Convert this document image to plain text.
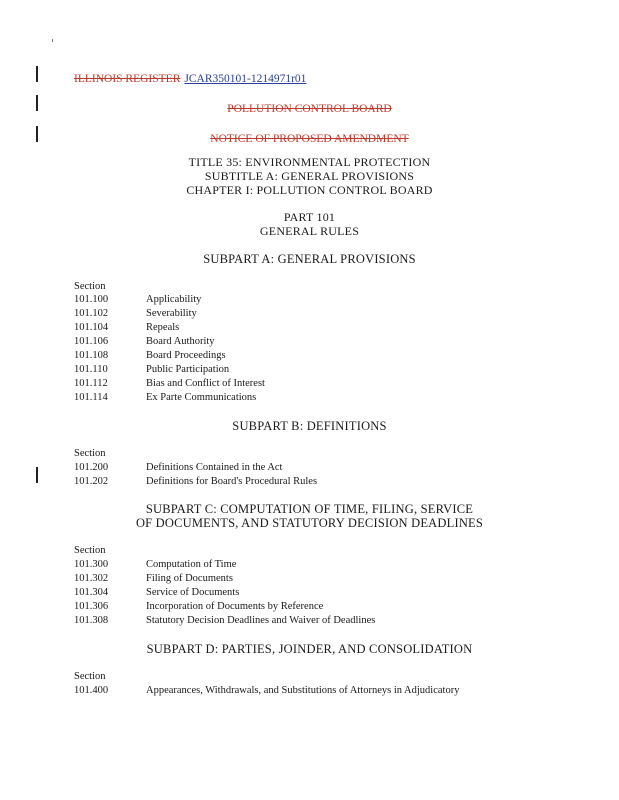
ILLINOIS REGISTER JCAR350101-1214971r01
POLLUTION CONTROL BOARD
NOTICE OF PROPOSED AMENDMENT
TITLE 35: ENVIRONMENTAL PROTECTION
SUBTITLE A: GENERAL PROVISIONS
CHAPTER I: POLLUTION CONTROL BOARD
PART 101
GENERAL RULES
SUBPART A: GENERAL PROVISIONS
Section
101.100	Applicability
101.102	Severability
101.104	Repeals
101.106	Board Authority
101.108	Board Proceedings
101.110	Public Participation
101.112	Bias and Conflict of Interest
101.114	Ex Parte Communications
SUBPART B: DEFINITIONS
Section
101.200	Definitions Contained in the Act
101.202	Definitions for Board's Procedural Rules
SUBPART C: COMPUTATION OF TIME, FILING, SERVICE
OF DOCUMENTS, AND STATUTORY DECISION DEADLINES
Section
101.300	Computation of Time
101.302	Filing of Documents
101.304	Service of Documents
101.306	Incorporation of Documents by Reference
101.308	Statutory Decision Deadlines and Waiver of Deadlines
SUBPART D: PARTIES, JOINDER, AND CONSOLIDATION
Section
101.400	Appearances, Withdrawals, and Substitutions of Attorneys in Adjudicatory
